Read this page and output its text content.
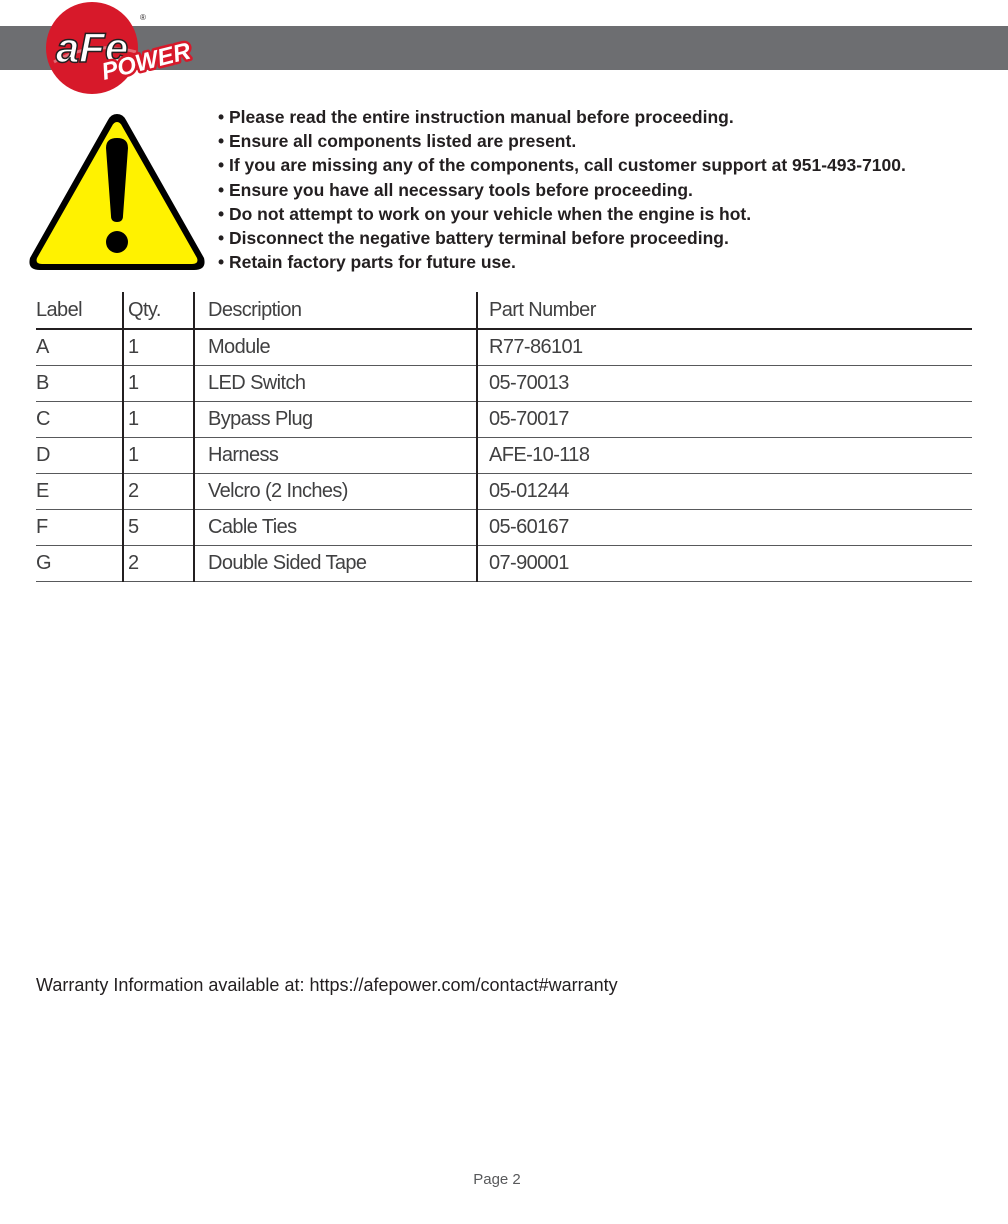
aFe
POWER
®
• Please read the entire instruction manual before proceeding.
• Ensure all components listed are present.
• If you are missing any of the components, call customer support at 951-493-7100.
• Ensure you have all necessary tools before proceeding.
• Do not attempt to work on your vehicle when the engine is hot.
• Disconnect the negative battery terminal before proceeding.
• Retain factory parts for future use.
Label	Qty.	Description	Part Number
A	1	Module	R77-86101
B	1	LED Switch	05-70013
C	1	Bypass Plug	05-70017
D	1	Harness	AFE-10-118
E	2	Velcro (2 Inches)	05-01244
F	5	Cable Ties	05-60167
G	2	Double Sided Tape	07-90001
Warranty Information available at: https://afepower.com/contact#warranty
Page 2
